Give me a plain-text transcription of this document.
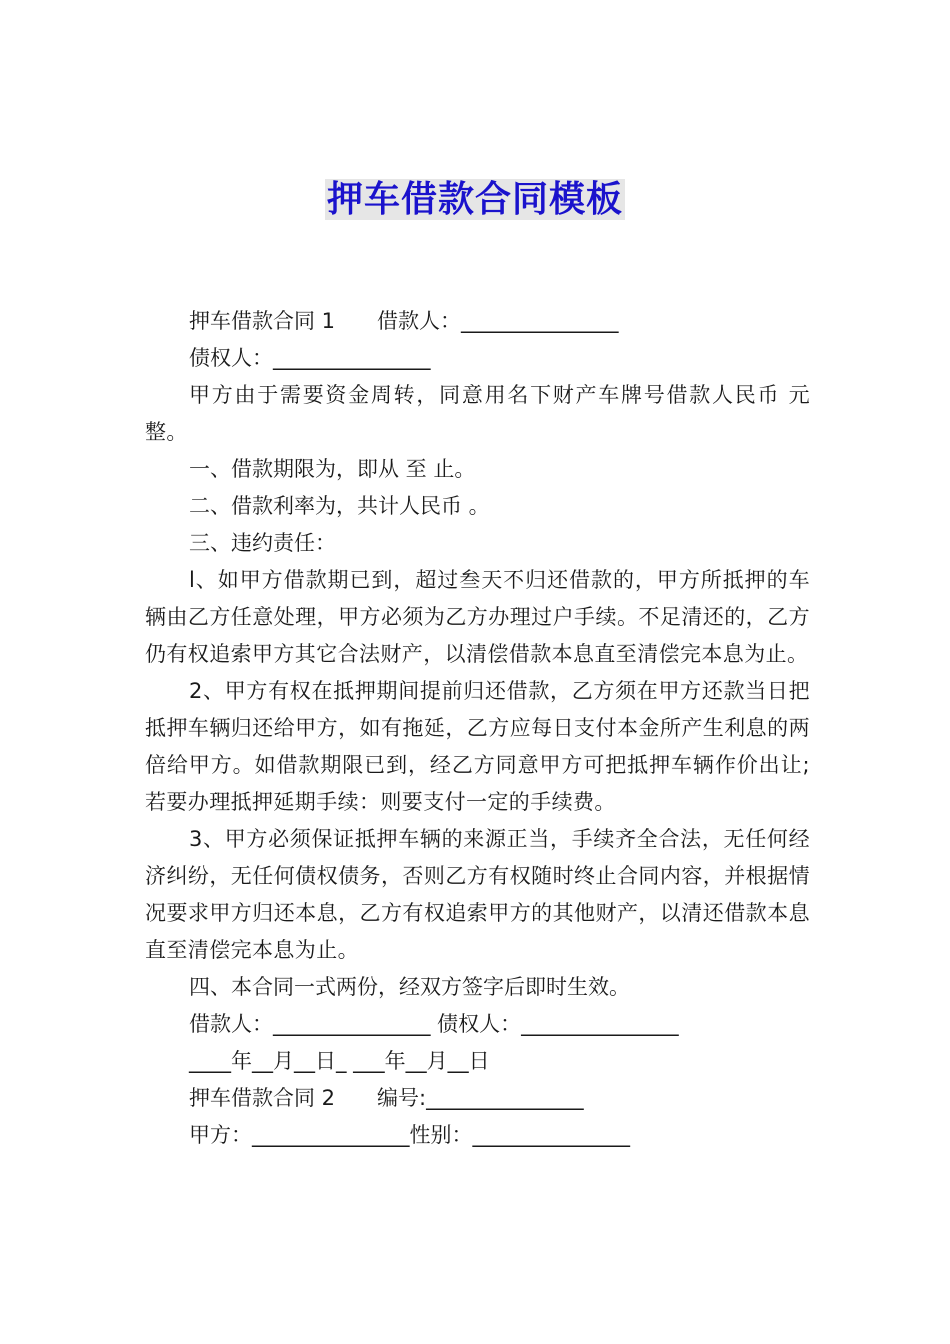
押车借款合同模板

押车借款合同 1　　借款人：_______________

债权人：_______________

甲方由于需要资金周转，同意用名下财产车牌号借款人民币 元整。

一、借款期限为，即从 至 止。

二、借款利率为，共计人民币 。

三、违约责任：

l、如甲方借款期已到，超过叁天不归还借款的，甲方所抵押的车辆由乙方任意处理，甲方必须为乙方办理过户手续。不足清还的，乙方仍有权追索甲方其它合法财产，以清偿借款本息直至清偿完本息为止。

2、甲方有权在抵押期间提前归还借款，乙方须在甲方还款当日把抵押车辆归还给甲方，如有拖延，乙方应每日支付本金所产生利息的两倍给甲方。如借款期限已到，经乙方同意甲方可把抵押车辆作价出让;若要办理抵押延期手续：则要支付一定的手续费。

3、甲方必须保证抵押车辆的来源正当，手续齐全合法，无任何经济纠纷，无任何债权债务，否则乙方有权随时终止合同内容，并根据情况要求甲方归还本息，乙方有权追索甲方的其他财产，以清还借款本息直至清偿完本息为止。

四、本合同一式两份，经双方签字后即时生效。

借款人：_______________ 债权人：_______________

____年__月__日_ ___年__月__日

押车借款合同 2　　编号:_______________

甲方：_______________性别：_______________
